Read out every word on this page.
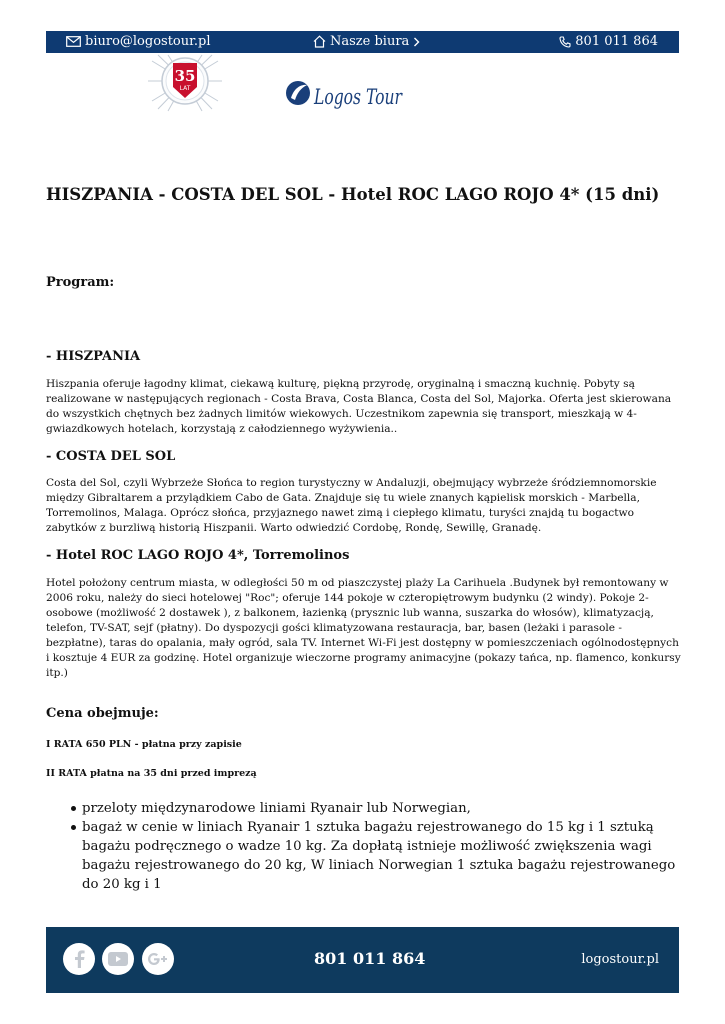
biuro@logostour.pl	Nasze biura	801 011 864
35
LAT	Logos Tour
HISZPANIA - COSTA DEL SOL - Hotel ROC LAGO ROJO 4* (15 dni)
Program:
- HISZPANIA
Hiszpania oferuje łagodny klimat, ciekawą kulturę, piękną przyrodę, oryginalną i smaczną kuchnię. Pobyty są realizowane w następujących regionach - Costa Brava, Costa Blanca, Costa del Sol, Majorka. Oferta jest skierowana do wszystkich chętnych bez żadnych limitów wiekowych. Uczestnikom zapewnia się transport, mieszkają w 4-gwiazdkowych hotelach, korzystają z całodziennego wyżywienia..
- COSTA DEL SOL
Costa del Sol, czyli Wybrzeże Słońca to region turystyczny w Andaluzji, obejmujący wybrzeże śródziemnomorskie między Gibraltarem a przylądkiem Cabo de Gata. Znajduje się tu wiele znanych kąpielisk morskich - Marbella, Torremolinos, Malaga. Oprócz słońca, przyjaznego nawet zimą i ciepłego klimatu, turyści znajdą tu bogactwo zabytków z burzliwą historią Hiszpanii. Warto odwiedzić Cordobę, Rondę, Sewillę, Granadę.
- Hotel ROC LAGO ROJO 4*, Torremolinos
Hotel położony centrum miasta, w odległości 50 m od piaszczystej plaży La Carihuela .Budynek był remontowany w 2006 roku, należy do sieci hotelowej "Roc"; oferuje 144 pokoje w czteropiętrowym budynku (2 windy). Pokoje 2-osobowe (możliwość 2 dostawek ), z balkonem, łazienką (prysznic lub wanna, suszarka do włosów), klimatyzacją, telefon, TV-SAT, sejf (płatny). Do dyspozycji gości klimatyzowana restauracja, bar, basen (leżaki i parasole - bezpłatne), taras do opalania, mały ogród, sala TV. Internet Wi-Fi jest dostępny w pomieszczeniach ogólnodostępnych i kosztuje 4 EUR za godzinę. Hotel organizuje wieczorne programy animacyjne (pokazy tańca, np. flamenco, konkursy itp.)
Cena obejmuje:
I RATA 650 PLN - płatna przy zapisie
II RATA płatna na 35 dni przed imprezą
przeloty międzynarodowe liniami Ryanair lub Norwegian,
bagaż w cenie w liniach Ryanair 1 sztuka bagażu rejestrowanego do 15 kg i 1 sztuką bagażu podręcznego o wadze 10 kg. Za dopłatą istnieje możliwość zwiększenia wagi bagażu rejestrowanego do 20 kg, W liniach Norwegian 1 sztuka bagażu rejestrowanego do 20 kg i 1
801 011 864	logostour.pl
